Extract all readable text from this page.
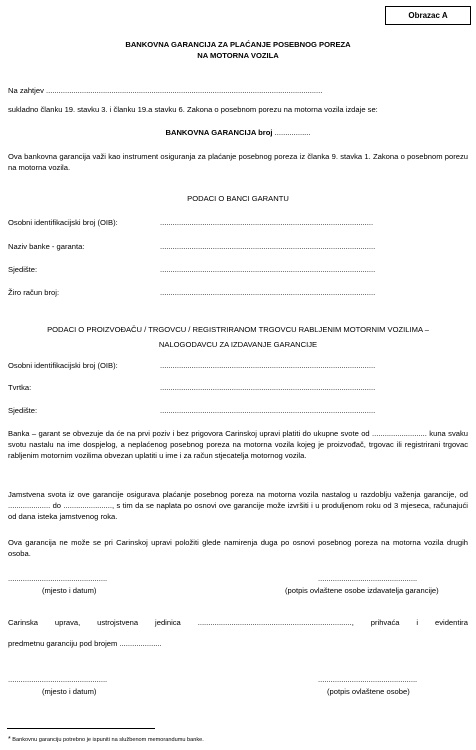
Obrazac A
BANKOVNA GARANCIJA ZA PLAĆANJE POSEBNOG POREZA
NA MOTORNA VOZILA
Na zahtjev ...................................................................................................................................
sukladno članku 19. stavku 3. i članku 19.a stavku 6. Zakona o posebnom porezu na motorna vozila izdaje se:
BANKOVNA GARANCIJA broj .................
Ova bankovna garancija važi kao instrument osiguranja za plaćanje posebnog poreza iz članka 9. stavka 1. Zakona o posebnom porezu na motorna vozila.
PODACI O BANCI GARANTU
Osobni identifikacijski broj (OIB):	.....................................................................................................
Naziv banke - garanta:	......................................................................................................
Sjedište:	......................................................................................................
Žiro račun broj:	......................................................................................................
PODACI O PROIZVOĐAČU / TRGOVCU / REGISTRIRANOM TRGOVCU RABLJENIM MOTORNIM VOZILIMA –
NALOGODAVCU ZA IZDAVANJE GARANCIJE
Osobni identifikacijski broj (OIB):	......................................................................................................
Tvrtka:	......................................................................................................
Sjedište:	......................................................................................................
Banka – garant se obvezuje da će na prvi poziv i bez prigovora Carinskoj upravi platiti do ukupne svote od .......................... kuna svaku svotu nastalu na ime dospjelog, a neplaćenog posebnog poreza na motorna vozila kojeg je proizvođač, trgovac ili registrirani trgovac rabljenim motornim vozilima obvezan uplatiti u ime i za račun stjecatelja motornog vozila.
Jamstvena svota iz ove garancije osigurava plaćanje posebnog poreza na motorna vozila nastalog u razdoblju važenja garancije, od .................... do ......................., s tim da se naplata po osnovi ove garancije može izvršiti i u produljenom roku od 3 mjeseca, računajući od dana isteka jamstvenog roka.
Ova garancija ne može se pri Carinskoj upravi položiti glede namirenja duga po osnovi posebnog poreza na motorna vozila drugih osoba.
...............................................	...............................................
(mjesto i datum)	(potpis ovlaštene osobe izdavatelja garancije)
Carinska uprava, ustrojstvena jedinica ........................................................................., prihvaća i evidentira
predmetnu garanciju pod brojem ....................
...............................................	...............................................
(mjesto i datum)	(potpis ovlaštene osobe)
* Bankovnu garanciju potrebno je ispuniti na službenom memorandumu banke.
